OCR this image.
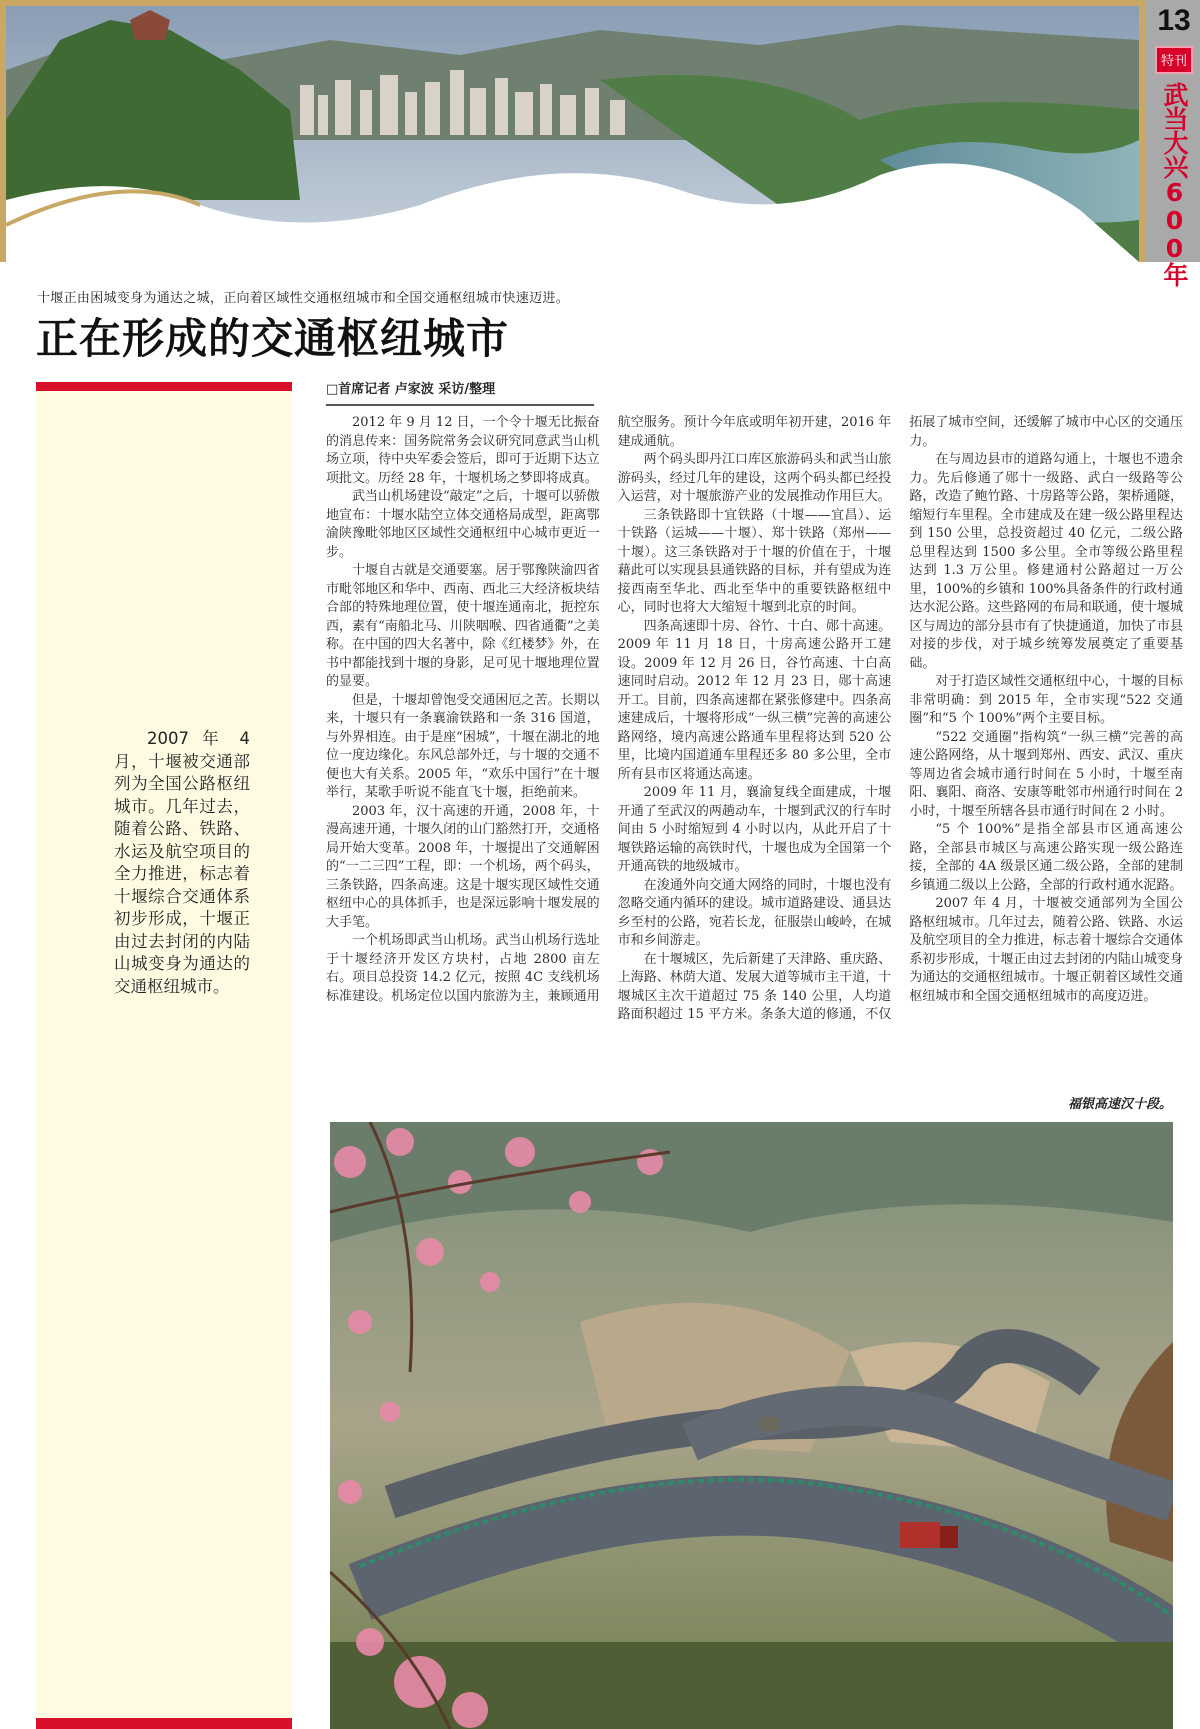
13
特刊
武当大兴600年
十堰正由困城变身为通达之城，正向着区域性交通枢纽城市和全国交通枢纽城市快速迈进。
正在形成的交通枢纽城市
2007 年 4 月，十堰被交通部列为全国公路枢纽城市。几年过去，随着公路、铁路、水运及航空项目的全力推进，标志着十堰综合交通体系初步形成，十堰正由过去封闭的内陆山城变身为通达的交通枢纽城市。
□首席记者 卢家波 采访/整理

2012 年 9 月 12 日，一个令十堰无比振奋的消息传来：国务院常务会议研究同意武当山机场立项，待中央军委会签后，即可于近期下达立项批文。历经 28 年，十堰机场之梦即将成真。

武当山机场建设“敲定”之后，十堰可以骄傲地宣布：十堰水陆空立体交通格局成型，距离鄂渝陕豫毗邻地区区域性交通枢纽中心城市更近一步。

十堰自古就是交通要塞。居于鄂豫陕渝四省市毗邻地区和华中、西南、西北三大经济板块结合部的特殊地理位置，使十堰连通南北，扼控东西，素有“南船北马、川陕咽喉、四省通衢”之美称。在中国的四大名著中，除《红楼梦》外，在书中都能找到十堰的身影，足可见十堰地理位置的显要。

但是，十堰却曾饱受交通困厄之苦。长期以来，十堰只有一条襄渝铁路和一条 316 国道，与外界相连。由于是座“困城”，十堰在湖北的地位一度边缘化。东风总部外迁，与十堰的交通不便也大有关系。2005 年，“欢乐中国行”在十堰举行，某歌手听说不能直飞十堰，拒绝前来。

2003 年，汉十高速的开通，2008 年，十漫高速开通，十堰久闭的山门豁然打开，交通格局开始大变革。2008 年，十堰提出了交通解困的“一二三四”工程，即：一个机场，两个码头，三条铁路，四条高速。这是十堰实现区域性交通枢纽中心的具体抓手，也是深远影响十堰发展的大手笔。

一个机场即武当山机场。武当山机场行选址于十堰经济开发区方块村，占地 2800 亩左右。项目总投资 14.2 亿元，按照 4C 支线机场标准建设。机场定位以国内旅游为主，兼顾通用航空服务。预计今年底或明年初开建，2016 年建成通航。

两个码头即丹江口库区旅游码头和武当山旅游码头，经过几年的建设，这两个码头都已经投入运营，对十堰旅游产业的发展推动作用巨大。

三条铁路即十宜铁路（十堰——宜昌）、运十铁路（运城——十堰）、郑十铁路（郑州——十堰）。这三条铁路对于十堰的价值在于，十堰藉此可以实现县县通铁路的目标，并有望成为连接西南至华北、西北至华中的重要铁路枢纽中心，同时也将大大缩短十堰到北京的时间。

四条高速即十房、谷竹、十白、郧十高速。2009 年 11 月 18 日，十房高速公路开工建设。2009 年 12 月 26 日，谷竹高速、十白高速同时启动。2012 年 12 月 23 日，郧十高速开工。目前，四条高速都在紧张修建中。四条高速建成后，十堰将形成“一纵三横”完善的高速公路网络，境内高速公路通车里程将达到 520 公里，比境内国道通车里程还多 80 多公里，全市所有县市区将通达高速。

2009 年 11 月，襄渝复线全面建成，十堰开通了至武汉的两趟动车，十堰到武汉的行车时间由 5 小时缩短到 4 小时以内，从此开启了十堰铁路运输的高铁时代，十堰也成为全国第一个开通高铁的地级城市。

在浚通外向交通大网络的同时，十堰也没有忽略交通内循环的建设。城市道路建设、通县达乡至村的公路，宛若长龙，征服崇山峻岭，在城市和乡间游走。

在十堰城区，先后新建了天津路、重庆路、上海路、林荫大道、发展大道等城市主干道，十堰城区主次干道超过 75 条 140 公里，人均道路面积超过 15 平方米。条条大道的修通，不仅拓展了城市空间，还缓解了城市中心区的交通压力。

在与周边县市的道路勾通上，十堰也不遗余力。先后修通了郧十一级路、武白一级路等公路，改造了鲍竹路、十房路等公路，架桥通隧，缩短行车里程。全市建成及在建一级公路里程达到 150 公里，总投资超过 40 亿元，二级公路总里程达到 1500 多公里。全市等级公路里程达到 1.3 万公里。修建通村公路超过一万公里，100%的乡镇和 100%具备条件的行政村通达水泥公路。这些路网的布局和联通，使十堰城区与周边的部分县市有了快捷通道，加快了市县对接的步伐，对于城乡统筹发展奠定了重要基础。

对于打造区域性交通枢纽中心，十堰的目标非常明确：到 2015 年，全市实现“522 交通圈”和“5 个 100%”两个主要目标。

“522 交通圈”指构筑“一纵三横”完善的高速公路网络，从十堰到郑州、西安、武汉、重庆等周边省会城市通行时间在 5 小时，十堰至南阳、襄阳、商洛、安康等毗邻市州通行时间在 2 小时，十堰至所辖各县市通行时间在 2 小时。

“5 个 100%”是指全部县市区通高速公路，全部县市城区与高速公路实现一级公路连接，全部的 4A 级景区通二级公路，全部的建制乡镇通二级以上公路，全部的行政村通水泥路。

2007 年 4 月，十堰被交通部列为全国公路枢纽城市。几年过去，随着公路、铁路、水运及航空项目的全力推进，标志着十堰综合交通体系初步形成，十堰正由过去封闭的内陆山城变身为通达的交通枢纽城市。十堰正朝着区域性交通枢纽城市和全国交通枢纽城市的高度迈进。

福银高速汉十段。
